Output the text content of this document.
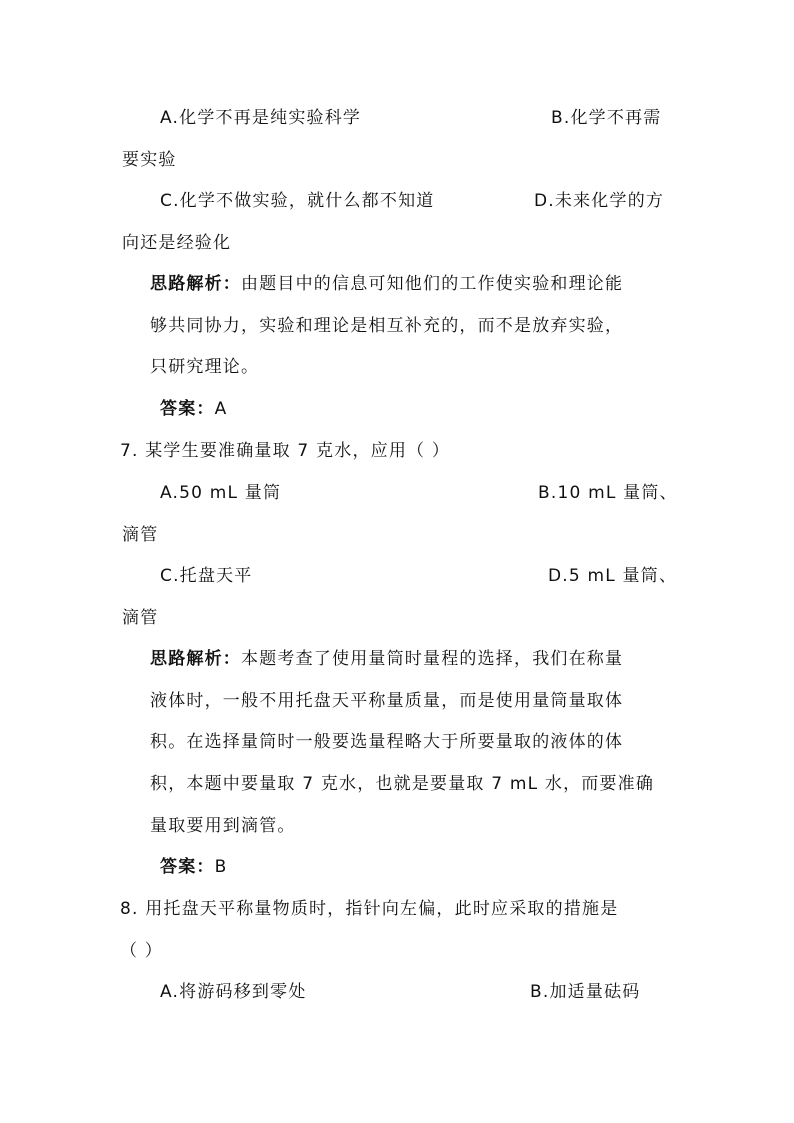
A.化学不再是纯实验科学	B.化学不再需
要实验
C.化学不做实验，就什么都不知道	D.未来化学的方
向还是经验化
思路解析：由题目中的信息可知他们的工作使实验和理论能
够共同协力，实验和理论是相互补充的，而不是放弃实验，
只研究理论。
答案：A
7. 某学生要准确量取 7 克水，应用（ ）
A.50 mL 量筒	B.10 mL 量筒、
滴管
C.托盘天平	D.5 mL 量筒、
滴管
思路解析：本题考查了使用量筒时量程的选择，我们在称量
液体时，一般不用托盘天平称量质量，而是使用量筒量取体
积。在选择量筒时一般要选量程略大于所要量取的液体的体
积，本题中要量取 7 克水，也就是要量取 7 mL 水，而要准确
量取要用到滴管。
答案：B
8. 用托盘天平称量物质时，指针向左偏，此时应采取的措施是
（ ）
A.将游码移到零处	B.加适量砝码
